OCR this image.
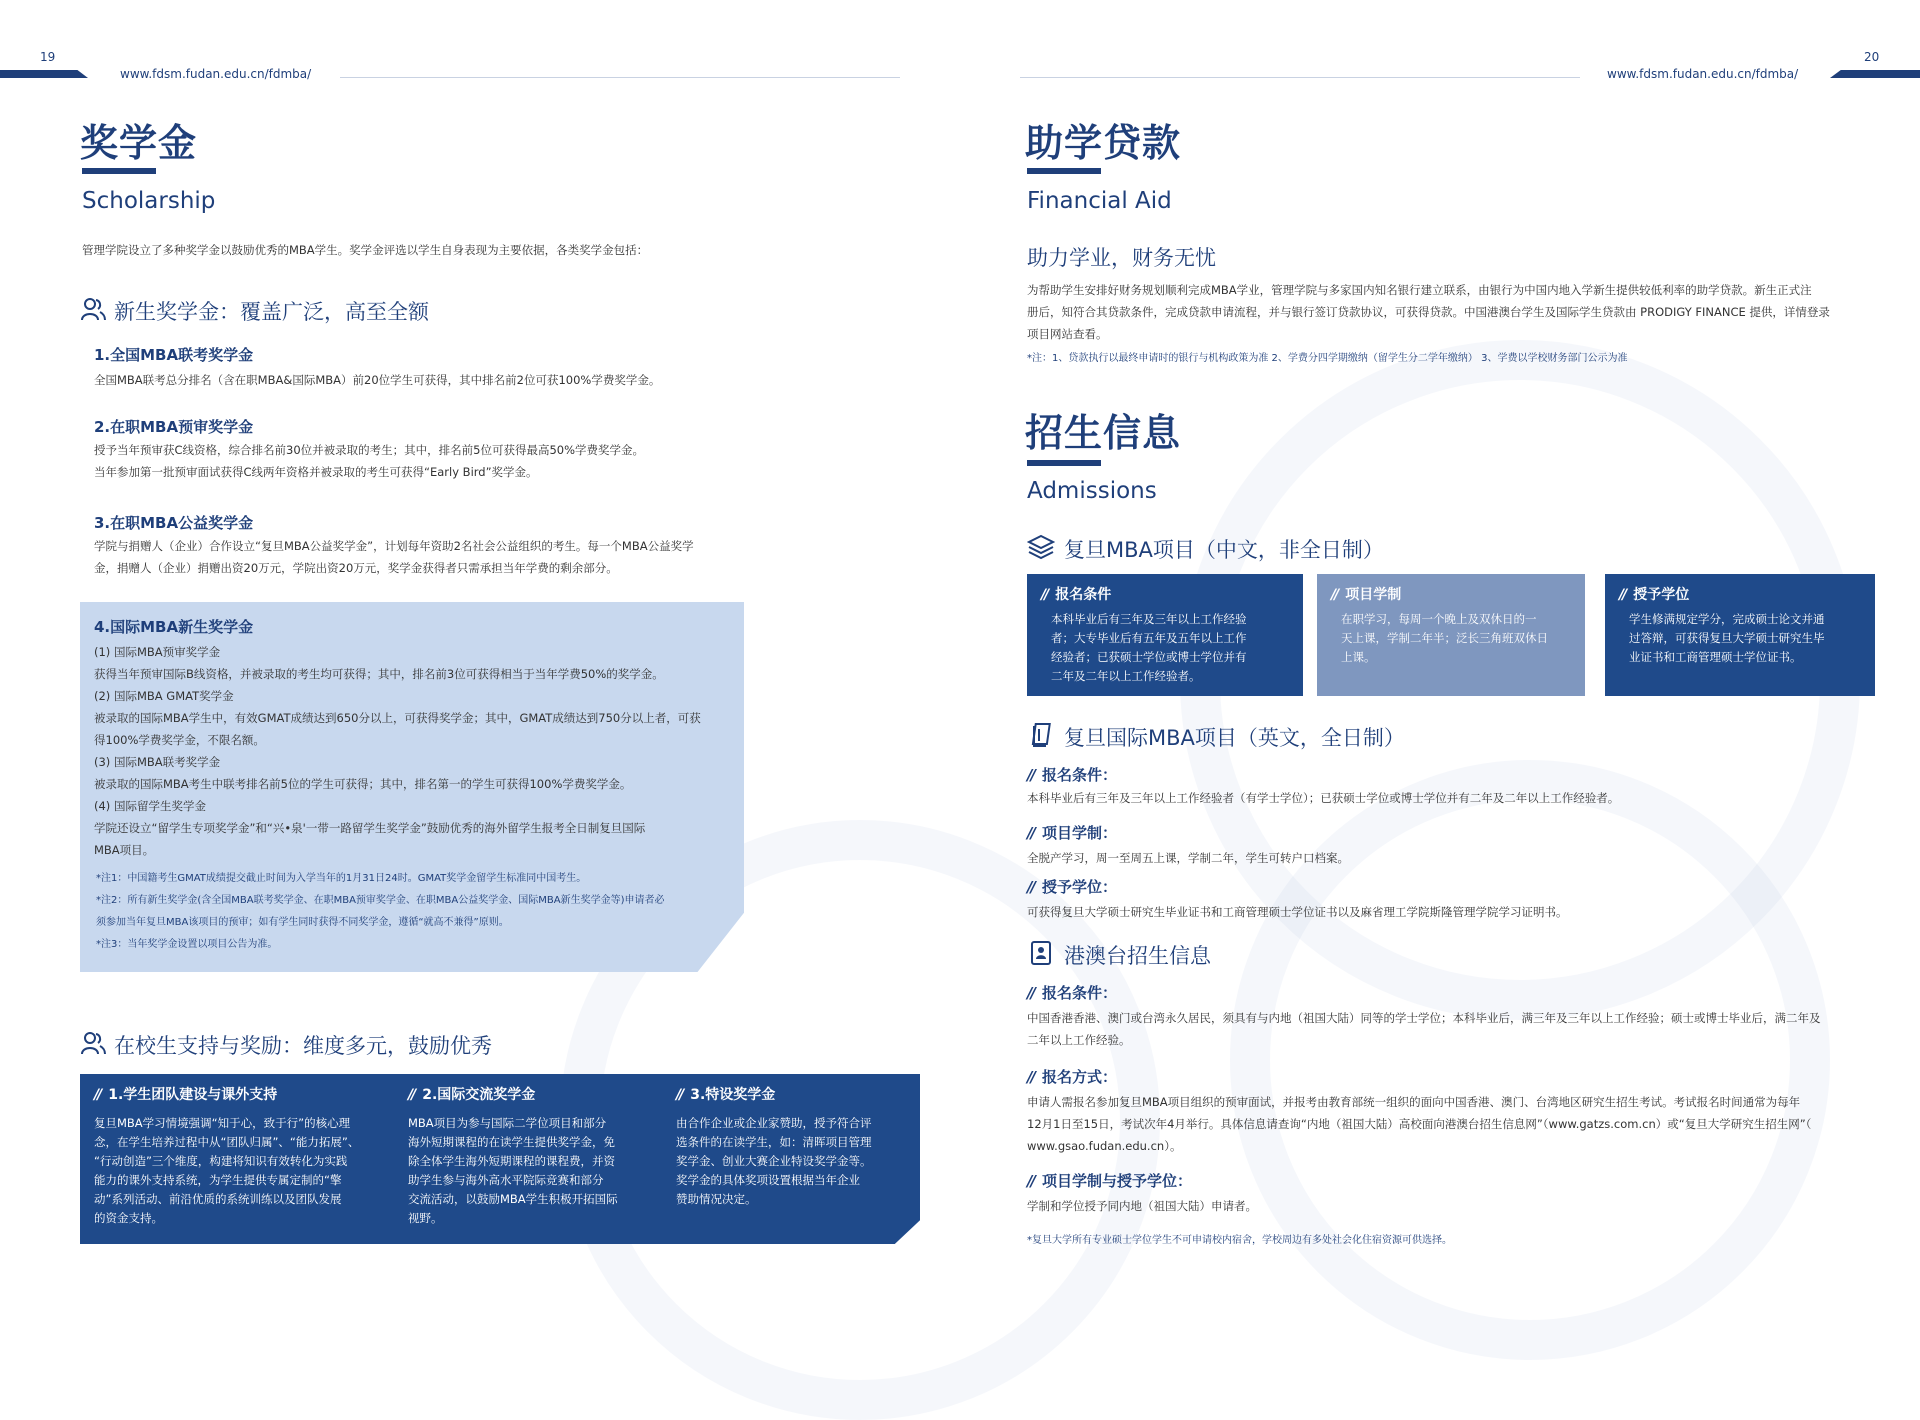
19
www.fdsm.fudan.edu.cn/fdmba/
20
www.fdsm.fudan.edu.cn/fdmba/
奖学金
Scholarship
管理学院设立了多种奖学金以鼓励优秀的MBA学生。奖学金评选以学生自身表现为主要依据，各类奖学金包括：
新生奖学金：覆盖广泛，高至全额
1.全国MBA联考奖学金
全国MBA联考总分排名（含在职MBA&国际MBA）前20位学生可获得，其中排名前2位可获100%学费奖学金。
2.在职MBA预审奖学金
授予当年预审获C线资格，综合排名前30位并被录取的考生；其中，排名前5位可获得最高50%学费奖学金。
当年参加第一批预审面试获得C线两年资格并被录取的考生可获得“Early Bird”奖学金。
3.在职MBA公益奖学金
学院与捐赠人（企业）合作设立“复旦MBA公益奖学金”，计划每年资助2名社会公益组织的考生。每一个MBA公益奖学
金，捐赠人（企业）捐赠出资20万元，学院出资20万元，奖学金获得者只需承担当年学费的剩余部分。
4.国际MBA新生奖学金
(1) 国际MBA预审奖学金
获得当年预审国际B线资格，并被录取的考生均可获得；其中，排名前3位可获得相当于当年学费50%的奖学金。
(2) 国际MBA GMAT奖学金
被录取的国际MBA学生中，有效GMAT成绩达到650分以上，可获得奖学金；其中，GMAT成绩达到750分以上者，可获
得100%学费奖学金，不限名额。
(3) 国际MBA联考奖学金
被录取的国际MBA考生中联考排名前5位的学生可获得；其中，排名第一的学生可获得100%学费奖学金。
(4) 国际留学生奖学金
学院还设立“留学生专项奖学金”和“兴•泉'一带一路留学生奖学金”鼓励优秀的海外留学生报考全日制复旦国际
MBA项目。
*注1：中国籍考生GMAT成绩提交截止时间为入学当年的1月31日24时。GMAT奖学金留学生标准同中国考生。
*注2：所有新生奖学金(含全国MBA联考奖学金、在职MBA预审奖学金、在职MBA公益奖学金、国际MBA新生奖学金等)申请者必
须参加当年复旦MBA该项目的预审；如有学生同时获得不同奖学金，遵循“就高不兼得”原则。
*注3：当年奖学金设置以项目公告为准。
在校生支持与奖励：维度多元，鼓励优秀
// 1.学生团队建设与课外支持
复旦MBA学习情境强调“知于心，致于行”的核心理
念，在学生培养过程中从“团队归属”、“能力拓展”、
“行动创造”三个维度，构建将知识有效转化为实践
能力的课外支持系统，为学生提供专属定制的“擎
动”系列活动、前沿优质的系统训练以及团队发展
的资金支持。
// 2.国际交流奖学金
MBA项目为参与国际二学位项目和部分
海外短期课程的在读学生提供奖学金，免
除全体学生海外短期课程的课程费，并资
助学生参与海外高水平院际竞赛和部分
交流活动，以鼓励MBA学生积极开拓国际
视野。
// 3.特设奖学金
由合作企业或企业家赞助，授予符合评
选条件的在读学生，如：清晖项目管理
奖学金、创业大赛企业特设奖学金等。
奖学金的具体奖项设置根据当年企业
赞助情况决定。
助学贷款
Financial Aid
助力学业，财务无忧
为帮助学生安排好财务规划顺利完成MBA学业，管理学院与多家国内知名银行建立联系，由银行为中国内地入学新生提供较低利率的助学贷款。新生正式注
册后，知符合其贷款条件，完成贷款申请流程，并与银行签订贷款协议，可获得贷款。中国港澳台学生及国际学生贷款由 PRODIGY FINANCE 提供，详情登录
项目网站查看。
*注：1、贷款执行以最终申请时的银行与机构政策为准 2、学费分四学期缴纳（留学生分二学年缴纳） 3、学费以学校财务部门公示为准
招生信息
Admissions
复旦MBA项目（中文，非全日制）
// 报名条件
本科毕业后有三年及三年以上工作经验
者；大专毕业后有五年及五年以上工作
经验者；已获硕士学位或博士学位并有
二年及二年以上工作经验者。
// 项目学制
在职学习，每周一个晚上及双休日的一
天上课，学制二年半；泛长三角班双休日
上课。
// 授予学位
学生修满规定学分，完成硕士论文并通
过答辩，可获得复旦大学硕士研究生毕
业证书和工商管理硕士学位证书。
复旦国际MBA项目（英文，全日制）
// 报名条件：
本科毕业后有三年及三年以上工作经验者（有学士学位）；已获硕士学位或博士学位并有二年及二年以上工作经验者。
// 项目学制：
全脱产学习，周一至周五上课，学制二年，学生可转户口档案。
// 授予学位：
可获得复旦大学硕士研究生毕业证书和工商管理硕士学位证书以及麻省理工学院斯隆管理学院学习证明书。
港澳台招生信息
// 报名条件：
中国香港香港、澳门或台湾永久居民，须具有与内地（祖国大陆）同等的学士学位；本科毕业后，满三年及三年以上工作经验；硕士或博士毕业后，满二年及
二年以上工作经验。
// 报名方式：
申请人需报名参加复旦MBA项目组织的预审面试，并报考由教育部统一组织的面向中国香港、澳门、台湾地区研究生招生考试。考试报名时间通常为每年
12月1日至15日，考试次年4月举行。具体信息请查询“内地（祖国大陆）高校面向港澳台招生信息网”（www.gatzs.com.cn）或“复旦大学研究生招生网”（
www.gsao.fudan.edu.cn）。
// 项目学制与授予学位：
学制和学位授予同内地（祖国大陆）申请者。
*复旦大学所有专业硕士学位学生不可申请校内宿舍，学校周边有多处社会化住宿资源可供选择。
